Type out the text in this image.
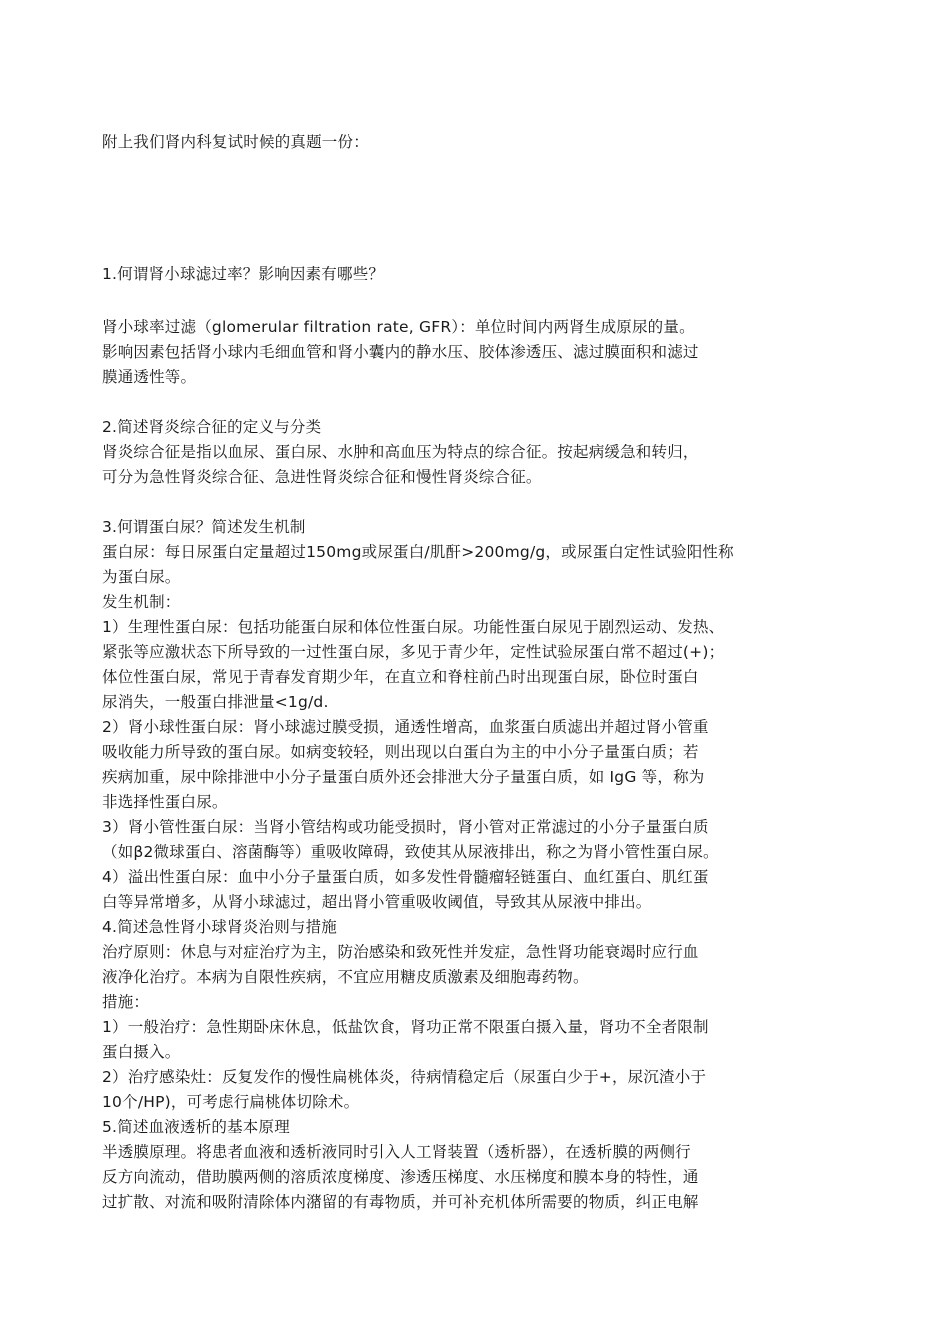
附上我们肾内科复试时候的真题一份：
1.何谓肾小球滤过率？影响因素有哪些？
肾小球率过滤（glomerular filtration rate, GFR）：单位时间内两肾生成原尿的量。
影响因素包括肾小球内毛细血管和肾小囊内的静水压、胶体渗透压、滤过膜面积和滤过
膜通透性等。
2.简述肾炎综合征的定义与分类
肾炎综合征是指以血尿、蛋白尿、水肿和高血压为特点的综合征。按起病缓急和转归，
可分为急性肾炎综合征、急进性肾炎综合征和慢性肾炎综合征。
3.何谓蛋白尿？简述发生机制
蛋白尿：每日尿蛋白定量超过150mg或尿蛋白/肌酐>200mg/g，或尿蛋白定性试验阳性称
为蛋白尿。
发生机制：
1）生理性蛋白尿：包括功能蛋白尿和体位性蛋白尿。功能性蛋白尿见于剧烈运动、发热、
紧张等应激状态下所导致的一过性蛋白尿，多见于青少年，定性试验尿蛋白常不超过(+)；
体位性蛋白尿，常见于青春发育期少年，在直立和脊柱前凸时出现蛋白尿，卧位时蛋白
尿消失，一般蛋白排泄量<1g/d.
2）肾小球性蛋白尿：肾小球滤过膜受损，通透性增高，血浆蛋白质滤出并超过肾小管重
吸收能力所导致的蛋白尿。如病变较轻，则出现以白蛋白为主的中小分子量蛋白质；若
疾病加重，尿中除排泄中小分子量蛋白质外还会排泄大分子量蛋白质，如 IgG 等，称为
非选择性蛋白尿。
3）肾小管性蛋白尿：当肾小管结构或功能受损时，肾小管对正常滤过的小分子量蛋白质
（如β2微球蛋白、溶菌酶等）重吸收障碍，致使其从尿液排出，称之为肾小管性蛋白尿。
4）溢出性蛋白尿：血中小分子量蛋白质，如多发性骨髓瘤轻链蛋白、血红蛋白、肌红蛋
白等异常增多，从肾小球滤过，超出肾小管重吸收阈值，导致其从尿液中排出。
4.简述急性肾小球肾炎治则与措施
治疗原则：休息与对症治疗为主，防治感染和致死性并发症，急性肾功能衰竭时应行血
液净化治疗。本病为自限性疾病，不宜应用糖皮质激素及细胞毒药物。
措施：
1）一般治疗：急性期卧床休息，低盐饮食，肾功正常不限蛋白摄入量，肾功不全者限制
蛋白摄入。
2）治疗感染灶：反复发作的慢性扁桃体炎，待病情稳定后（尿蛋白少于+，尿沉渣小于
10个/HP)，可考虑行扁桃体切除术。
5.简述血液透析的基本原理
半透膜原理。将患者血液和透析液同时引入人工肾装置（透析器），在透析膜的两侧行
反方向流动，借助膜两侧的溶质浓度梯度、渗透压梯度、水压梯度和膜本身的特性，通
过扩散、对流和吸附清除体内潴留的有毒物质，并可补充机体所需要的物质，纠正电解
